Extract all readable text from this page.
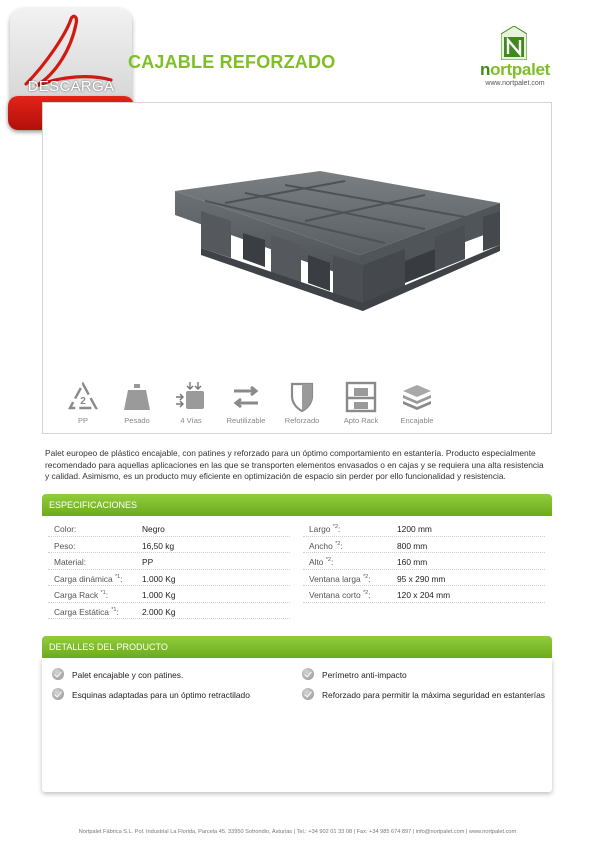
DESCARGA
CAJABLE REFORZADO	nortpalet
www.nortpalet.com
2
PP	Pesado	4 Vías	Reutilizable	Reforzado	Apto Rack	Encajable

Palet europeo de plástico encajable, con patines y reforzado para un óptimo comportamiento en estantería. Producto especialmente recomendado para aquellas aplicaciones en las que se transporten elementos envasados o en cajas y se requiera una alta resistencia y calidad. Asimismo, es un producto muy eficiente en optimización de espacio sin perder por ello funcionalidad y resistencia.

ESPECIFICACIONES
Color:	Negro
Peso:	16,50 kg
Material:	PP
Carga dinámica $^{*1}$: 1.000 Kg
Carga Rack $^{*1}$:	1.000 Kg
Carga Estática $^{*1}$:	2.000 Kg
Largo $^{*2}$:	1200 mm
Ancho $^{*2}$:	800 mm
Alto $^{*2}$:	160 mm
Ventana larga $^{*2}$:	95 x 290 mm
Ventana corto $^{*2}$:	120 x 204 mm
Palet encajable y con patines.	Perímetro anti-impacto
Esquinas adaptadas para un óptimo retractilado	Reforzado para permitir la máxima seguridad en estanterías
DETALLES DEL PRODUCTO
Nortpalet Fábrica S.L. Pol. Industrial La Florida, Parcela 45. 33950 Sotrondio, Asturias | Tel.: +34 902 01 33 08 | Fax: +34 985 674 897 | info@nortpalet.com | www.nortpalet.com
